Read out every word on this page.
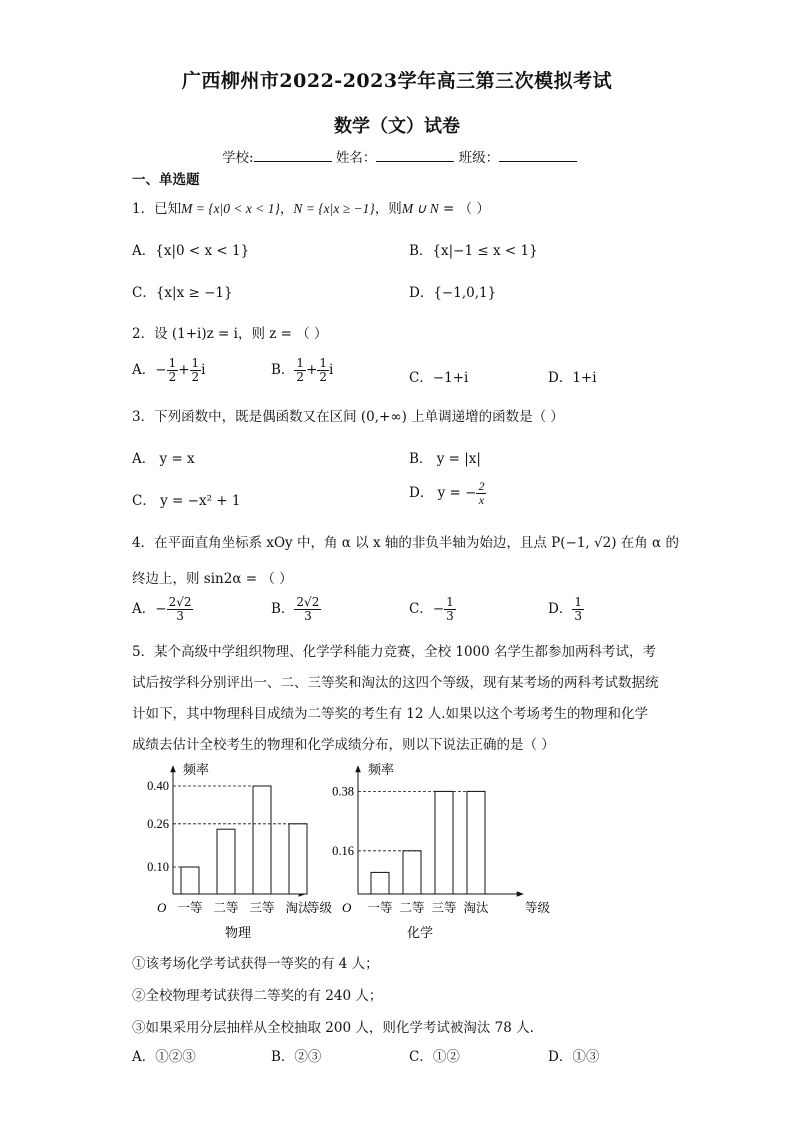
广西柳州市2022-2023学年高三第三次模拟考试
数学（文）试卷
学校:	姓名：	班级：
一、单选题
1．已知M = {x|0 < x < 1}，N = {x|x ≥ −1}，则M ∪ N = （ ）
A．{x|0 < x < 1}	B．{x|−1 ≤ x < 1}
C．{x|x ≥ −1}	D．{−1,0,1}
2．设 (1+i)z = i，则 z = （ ）
A．− $\frac{1}{2} + \frac{1}{2}$ i	B． $\frac{1}{2} + \frac{1}{2}$ i	C．−1+i	D．1+i
3．下列函数中，既是偶函数又在区间 (0,+∞) 上单调递增的函数是（ ）
A． y = x	B． y = |x|
C． y = −x² + 1	D． y = − $\frac{2}{x}$
4．在平面直角坐标系 xOy 中，角 α 以 x 轴的非负半轴为始边，且点 P(−1, √2) 在角 α 的
终边上，则 sin2α = （ ）
A．− $\frac{2√2}{3}$	B． $\frac{2√2}{3}$	C．− $\frac{1}{3}$	D． $\frac{1}{3}$
5．某个高级中学组织物理、化学学科能力竞赛，全校 1000 名学生都参加两科考试，考
试后按学科分别评出一、二、三等奖和淘汰的这四个等级，现有某考场的两科考试数据统
计如下，其中物理科目成绩为二等奖的考生有 12 人.如果以这个考场考生的物理和化学
成绩去估计全校考生的物理和化学成绩分布，则以下说法正确的是（ ）
频率
O 一等 二等 三等 淘汰
0.40
0.26
0.10
等级
物理
频率
O 一等 二等 三等 淘汰
0.38
0.16
等级
化学
①该考场化学考试获得一等奖的有 4 人；
②全校物理考试获得二等奖的有 240 人；
③如果采用分层抽样从全校抽取 200 人，则化学考试被淘汰 78 人.
A．①②③	B．②③	C．①②	D．①③
